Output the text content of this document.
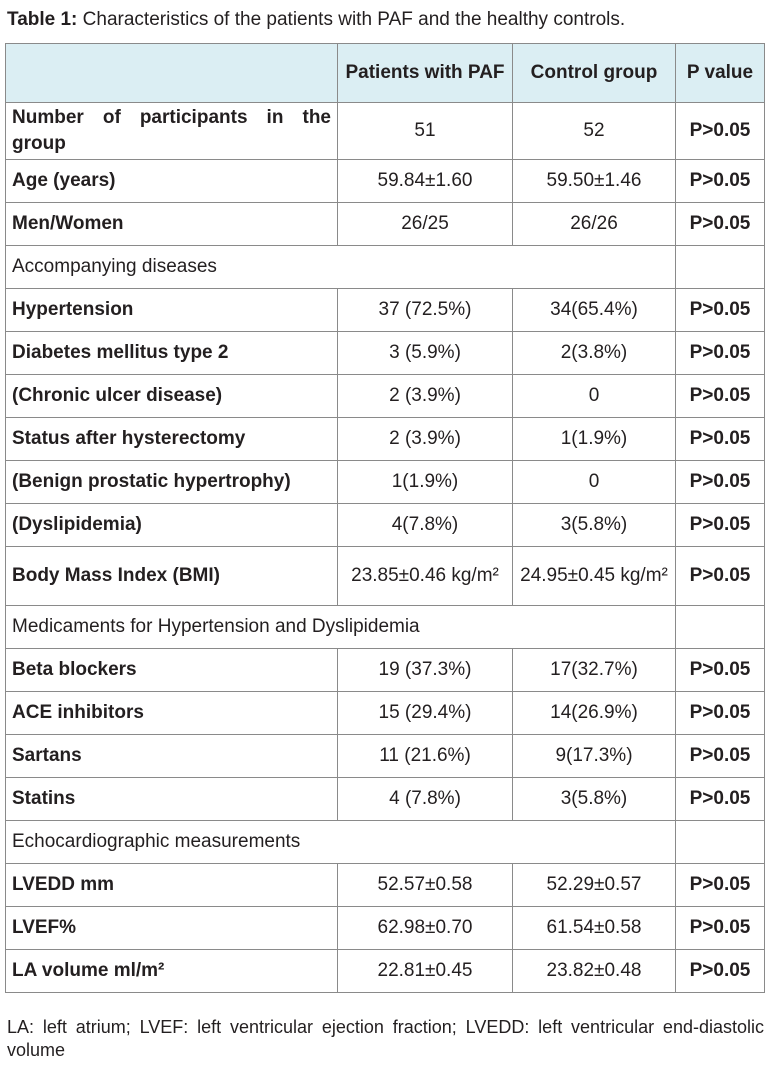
Table 1: Characteristics of the patients with PAF and the healthy controls.
	Patients with PAF	Control group	P value
Number of participants in the group	51	52	P>0.05
Age (years)	59.84±1.60	59.50±1.46	P>0.05
Men/Women	26/25	26/26	P>0.05
Accompanying diseases			
Hypertension	37 (72.5%)	34(65.4%)	P>0.05
Diabetes mellitus type 2	3 (5.9%)	2(3.8%)	P>0.05
(Chronic ulcer disease)	2 (3.9%)	0	P>0.05
Status after hysterectomy	2 (3.9%)	1(1.9%)	P>0.05
(Benign prostatic hypertrophy)	1(1.9%)	0	P>0.05
(Dyslipidemia)	4(7.8%)	3(5.8%)	P>0.05
Body Mass Index (BMI)	23.85±0.46 kg/m²	24.95±0.45 kg/m²	P>0.05
Medicaments for Hypertension and Dyslipidemia			
Beta blockers	19 (37.3%)	17(32.7%)	P>0.05
ACE inhibitors	15 (29.4%)	14(26.9%)	P>0.05
Sartans	11 (21.6%)	9(17.3%)	P>0.05
Statins	4 (7.8%)	3(5.8%)	P>0.05
Echocardiographic measurements			
LVEDD mm	52.57±0.58	52.29±0.57	P>0.05
LVEF%	62.98±0.70	61.54±0.58	P>0.05
LA volume ml/m²	22.81±0.45	23.82±0.48	P>0.05
LA: left atrium; LVEF: left ventricular ejection fraction; LVEDD: left ventricular end-diastolic volume
